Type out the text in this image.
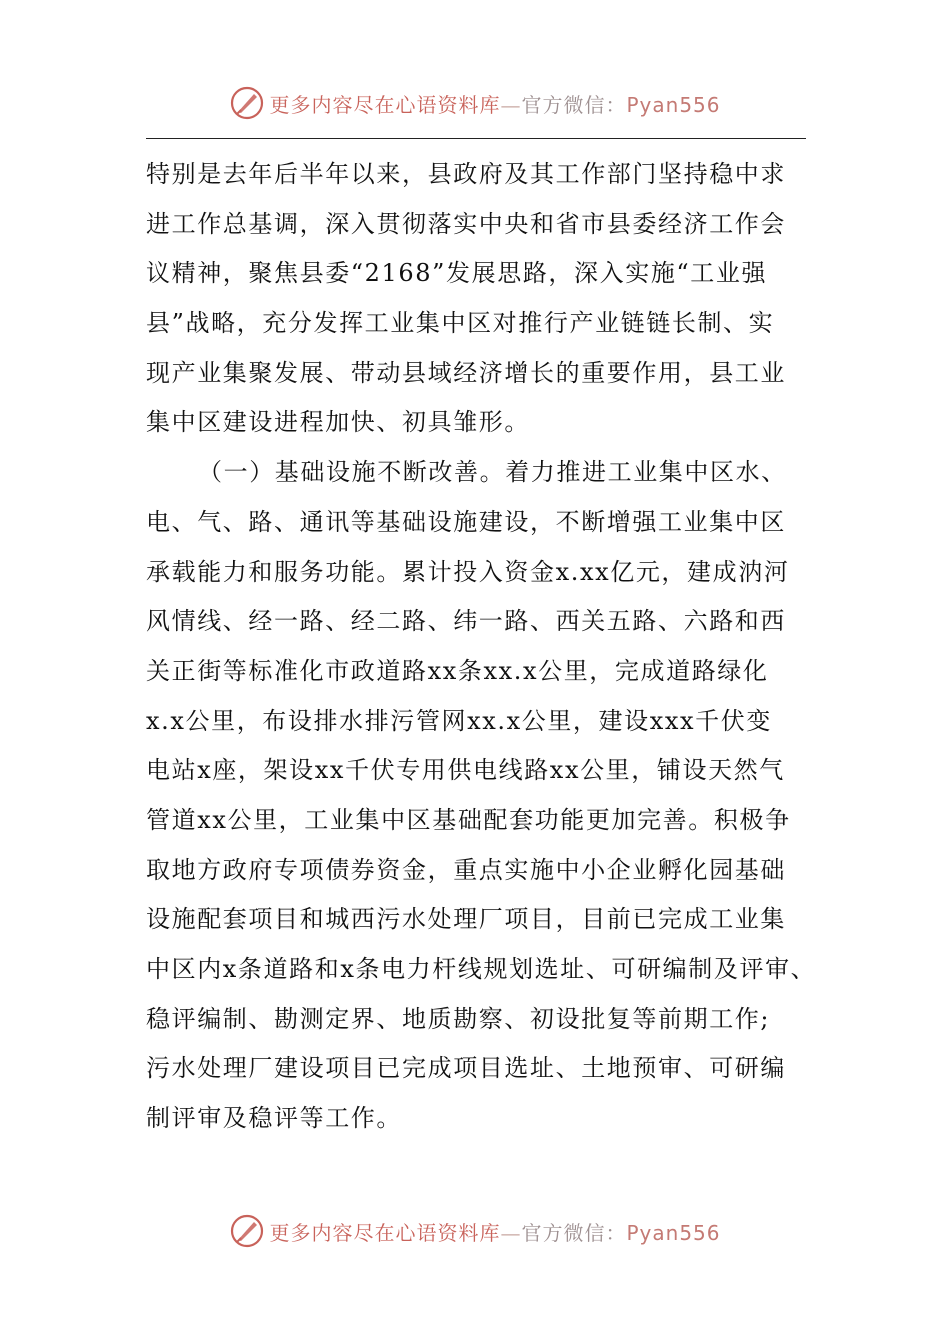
更多内容尽在心语资料库—官方微信：Pyan556
特别是去年后半年以来，县政府及其工作部门坚持稳中求
进工作总基调，深入贯彻落实中央和省市县委经济工作会
议精神，聚焦县委“2168”发展思路，深入实施“工业强
县”战略，充分发挥工业集中区对推行产业链链长制、实
现产业集聚发展、带动县域经济增长的重要作用，县工业
集中区建设进程加快、初具雏形。
（一）基础设施不断改善。着力推进工业集中区水、
电、气、路、通讯等基础设施建设，不断增强工业集中区
承载能力和服务功能。累计投入资金x.xx亿元，建成汭河
风情线、经一路、经二路、纬一路、西关五路、六路和西
关正街等标准化市政道路xx条xx.x公里，完成道路绿化
x.x公里，布设排水排污管网xx.x公里，建设xxx千伏变
电站x座，架设xx千伏专用供电线路xx公里，铺设天然气
管道xx公里，工业集中区基础配套功能更加完善。积极争
取地方政府专项债券资金，重点实施中小企业孵化园基础
设施配套项目和城西污水处理厂项目，目前已完成工业集
中区内x条道路和x条电力杆线规划选址、可研编制及评审、
稳评编制、勘测定界、地质勘察、初设批复等前期工作;
污水处理厂建设项目已完成项目选址、土地预审、可研编
制评审及稳评等工作。
更多内容尽在心语资料库—官方微信：Pyan556
